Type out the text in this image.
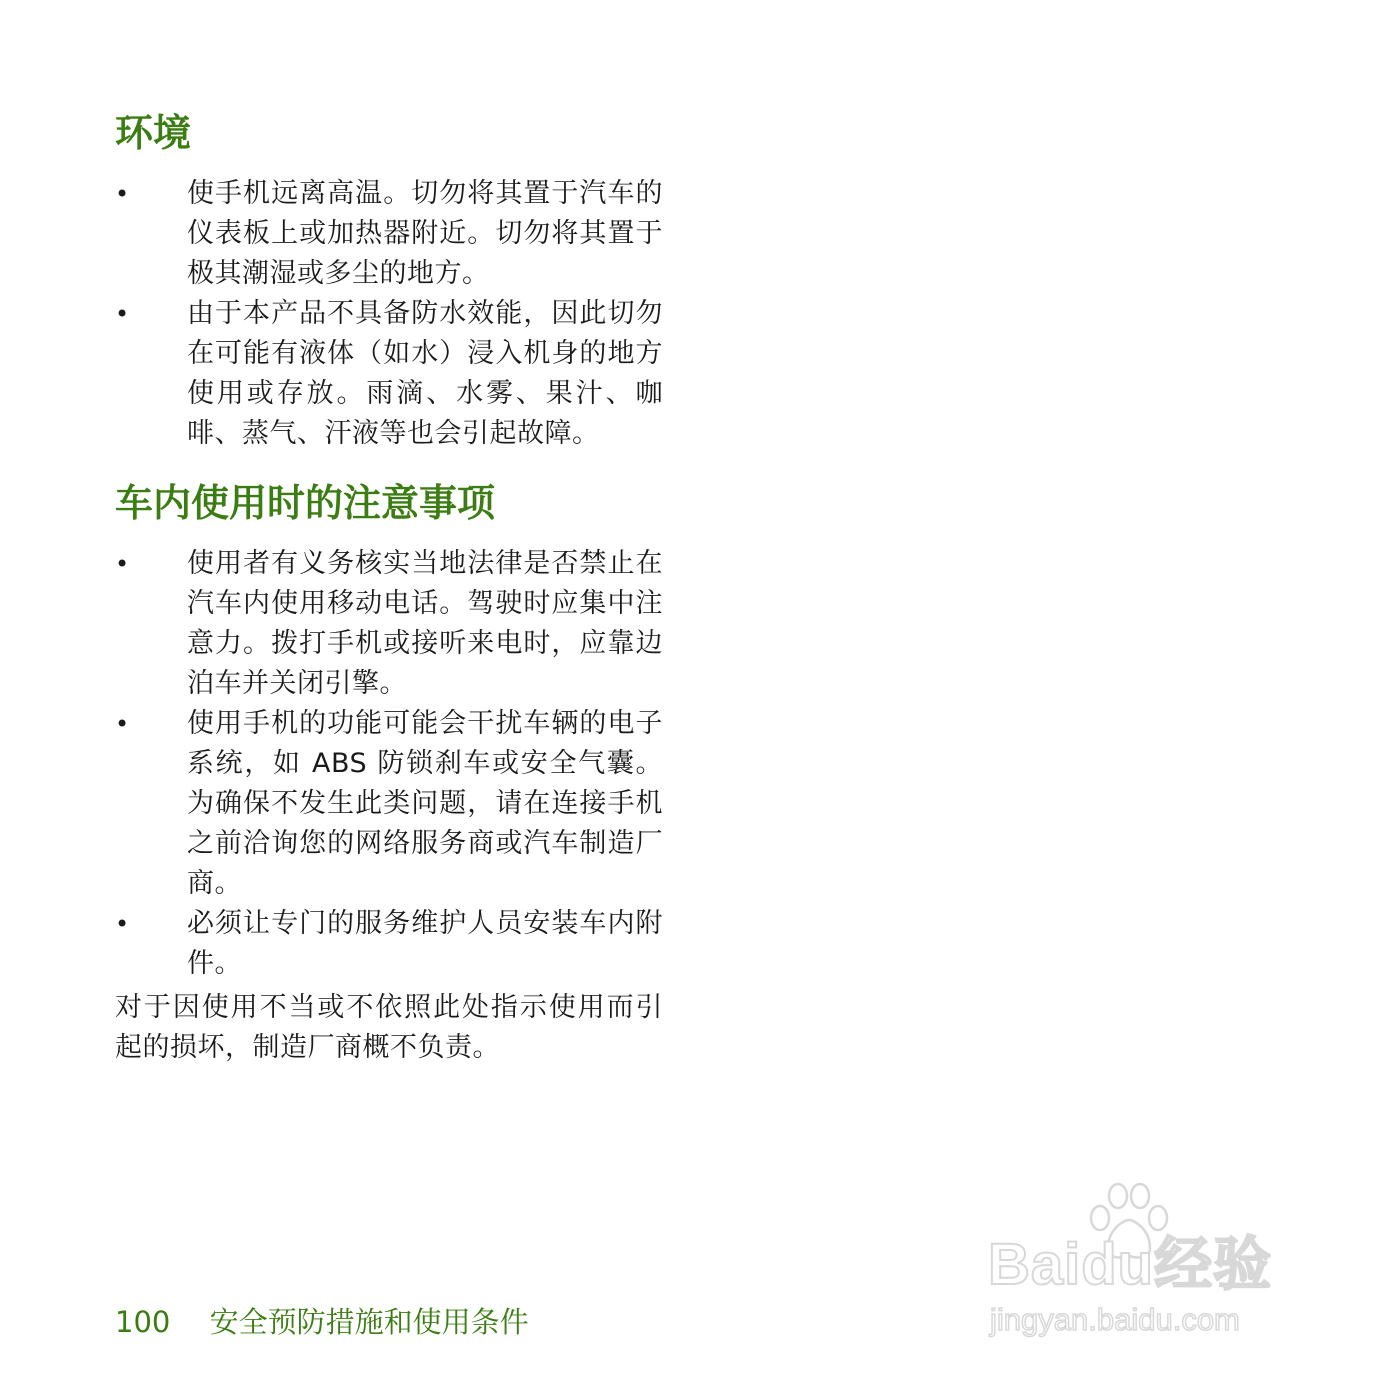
环境
• 使手机远离高温。切勿将其置于汽车的仪表板上或加热器附近。切勿将其置于极其潮湿或多尘的地方。
• 由于本产品不具备防水效能，因此切勿在可能有液体（如水）浸入机身的地方使用或存放。雨滴、水雾、果汁、咖啡、蒸气、汗液等也会引起故障。
车内使用时的注意事项
• 使用者有义务核实当地法律是否禁止在汽车内使用移动电话。驾驶时应集中注意力。拨打手机或接听来电时，应靠边泊车并关闭引擎。
• 使用手机的功能可能会干扰车辆的电子系统，如 ABS 防锁刹车或安全气囊。为确保不发生此类问题，请在连接手机之前洽询您的网络服务商或汽车制造厂商。
• 必须让专门的服务维护人员安装车内附件。

对于因使用不当或不依照此处指示使用而引起的损坏，制造厂商概不负责。

100 安全预防措施和使用条件
Baidu经验
jingyan.baidu.com
